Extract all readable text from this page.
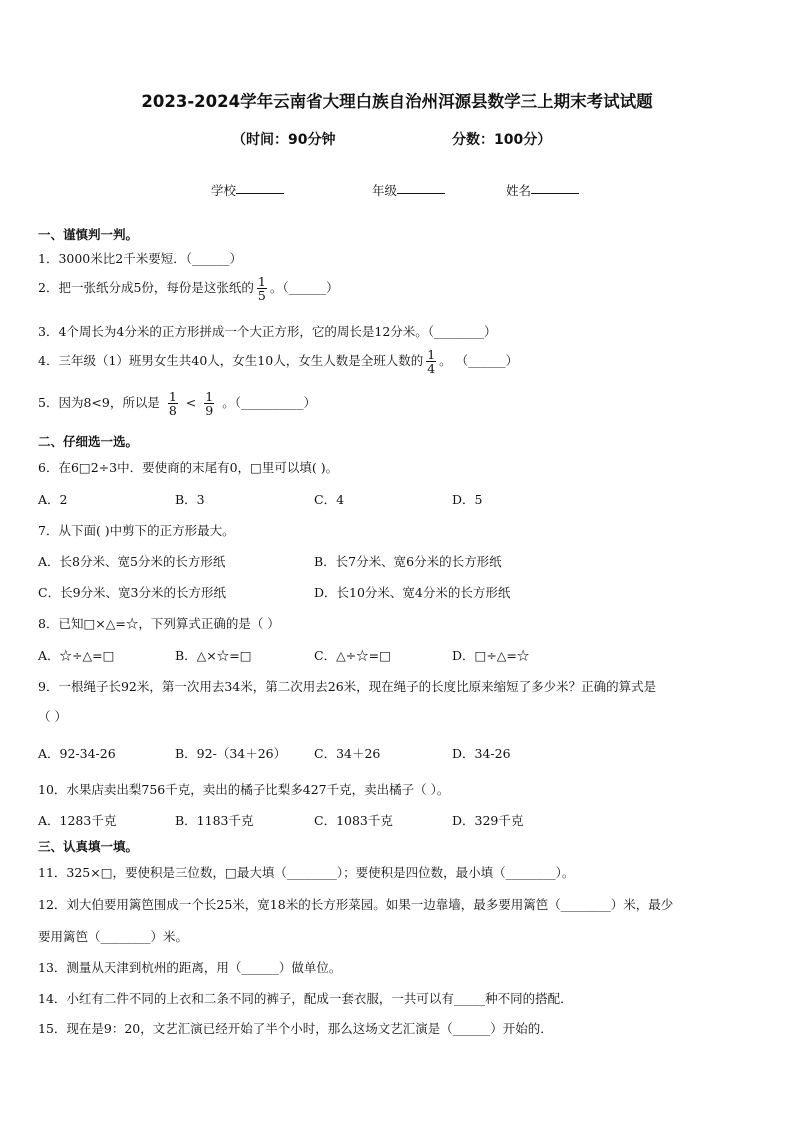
2023-2024学年云南省大理白族自治州洱源县数学三上期末考试试题
（时间：90分钟	分数：100分）
学校	年级	姓名
一、谨慎判一判。
1．3000米比2千米要短．（______）
2．把一张纸分成5份，每份是这张纸的 $\frac{1}{5}$ 。（______）
3．4个周长为4分米的正方形拼成一个大正方形，它的周长是12分米。（________）
4．三年级（1）班男女生共40人，女生10人，女生人数是全班人数的 $\frac{1}{4}$ 。 （______）
5．因为8<9，所以是 $\frac{1}{8} < \frac{1}{9}$ 。（__________）
二、仔细选一选。
6．在6□2÷3中．要使商的末尾有0，□里可以填( )。
A．2	B．3	C．4	D．5
7．从下面( )中剪下的正方形最大。
A．长8分米、宽5分米的长方形纸	B．长7分米、宽6分米的长方形纸
C．长9分米、宽3分米的长方形纸	D．长10分米、宽4分米的长方形纸
8．已知□×△=☆，下列算式正确的是（ ）
A．☆÷△=□	B．△×☆=□	C．△÷☆=□	D．□÷△=☆
9．一根绳子长92米，第一次用去34米，第二次用去26米，现在绳子的长度比原来缩短了多少米？正确的算式是
（ ）
A．92-34-26	B．92-（34＋26） C．34＋26	D．34-26
10．水果店卖出梨756千克，卖出的橘子比梨多427千克，卖出橘子（ ）。
A．1283千克	B．1183千克	C．1083千克	D．329千克
三、认真填一填。
11．325×□，要使积是三位数，□最大填（________）；要使积是四位数，最小填（________）。
12．刘大伯要用篱笆围成一个长25米，宽18米的长方形菜园。如果一边靠墙，最多要用篱笆（________）米，最少
要用篱笆（________）米。
13．测量从天津到杭州的距离，用（______）做单位。
14．小红有二件不同的上衣和二条不同的裤子，配成一套衣服，一共可以有_____种不同的搭配．
15．现在是9：20，文艺汇演已经开始了半个小时，那么这场文艺汇演是（______）开始的．
